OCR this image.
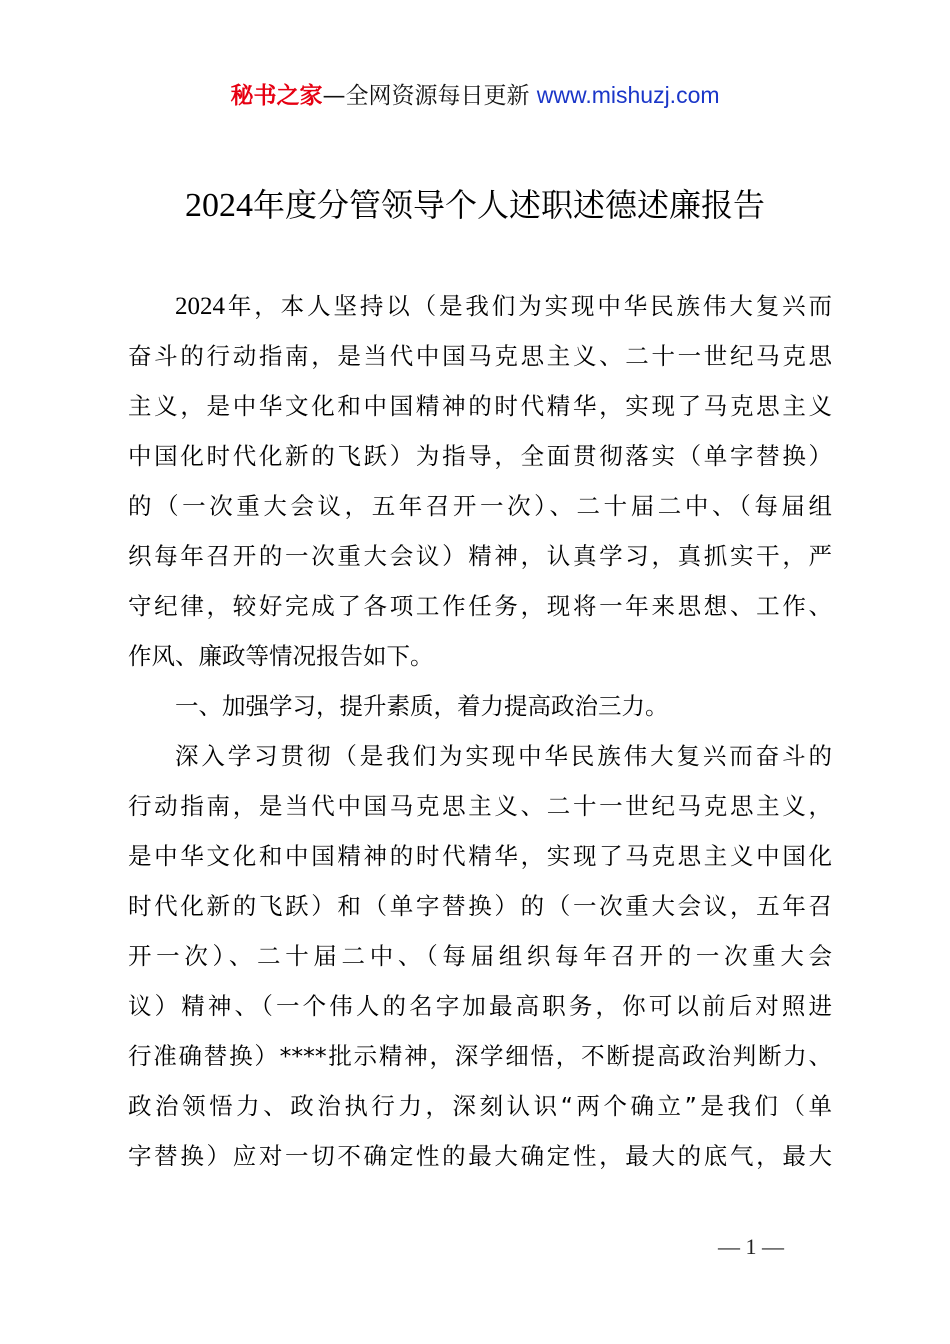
秘书之家—全网资源每日更新 www.mishuzj.com
2024年度分管领导个人述职述德述廉报告
2024年，本人坚持以（是我们为实现中华民族伟大复兴而
奋斗的行动指南，是当代中国马克思主义、二十一世纪马克思
主义，是中华文化和中国精神的时代精华，实现了马克思主义
中国化时代化新的飞跃）为指导，全面贯彻落实（单字替换）
的（一次重大会议，五年召开一次）、二十届二中、（每届组
织每年召开的一次重大会议）精神，认真学习，真抓实干，严
守纪律，较好完成了各项工作任务，现将一年来思想、工作、
作风、廉政等情况报告如下。
一、加强学习，提升素质，着力提高政治三力。
深入学习贯彻（是我们为实现中华民族伟大复兴而奋斗的
行动指南，是当代中国马克思主义、二十一世纪马克思主义，
是中华文化和中国精神的时代精华，实现了马克思主义中国化
时代化新的飞跃）和（单字替换）的（一次重大会议，五年召
开一次）、二十届二中、（每届组织每年召开的一次重大会
议）精神、（一个伟人的名字加最高职务，你可以前后对照进
行准确替换）****批示精神，深学细悟，不断提高政治判断力、
政治领悟力、政治执行力，深刻认识“两个确立”是我们（单
字替换）应对一切不确定性的最大确定性，最大的底气，最大
— 1 —
